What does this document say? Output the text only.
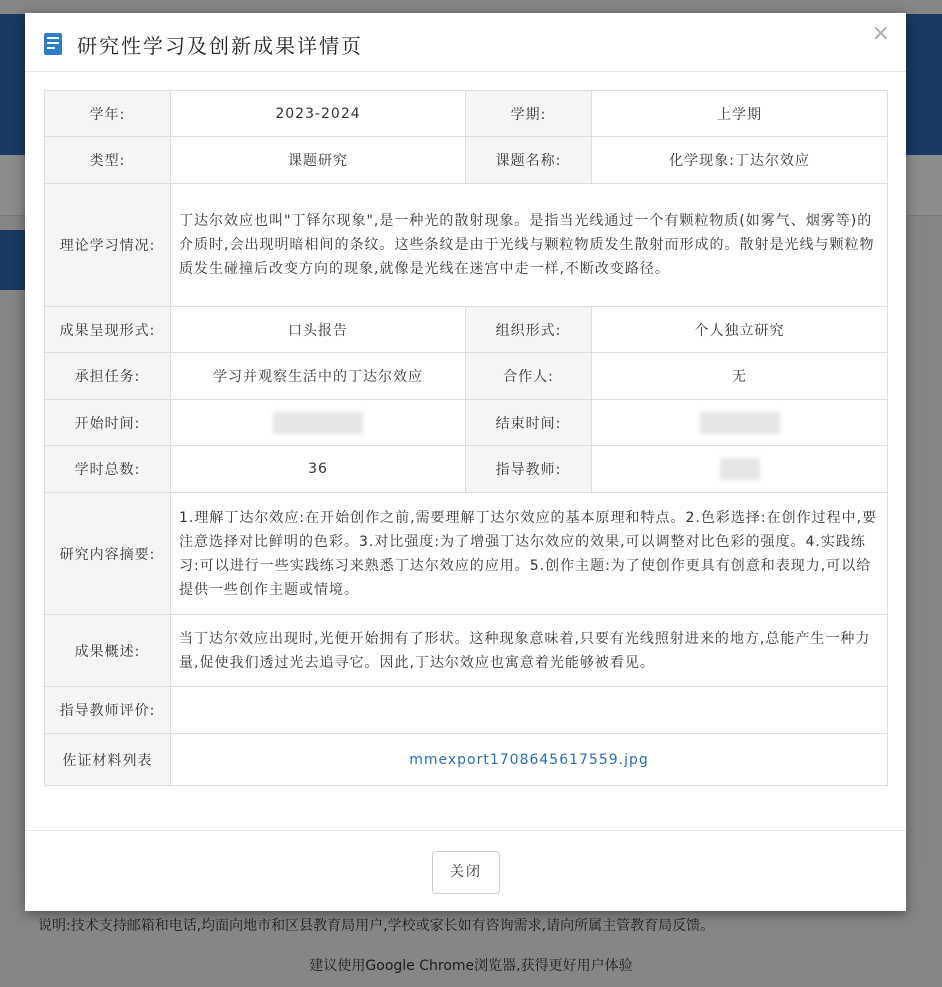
说明:技术支持邮箱和电话,均面向地市和区县教育局用户,学校或家长如有咨询需求,请向所属主管教育局反馈。
建议使用Google Chrome浏览器,获得更好用户体验
研究性学习及创新成果详情页	×
学年:	2023-2024	学期:	上学期
类型:	课题研究	课题名称:	化学现象:丁达尔效应
理论学习情况:	丁达尔效应也叫"丁铎尔现象",是一种光的散射现象。是指当光线通过一个有颗粒物质(如雾气、烟雾等)的介质时,会出现明暗相间的条纹。这些条纹是由于光线与颗粒物质发生散射而形成的。散射是光线与颗粒物质发生碰撞后改变方向的现象,就像是光线在迷宫中走一样,不断改变路径。		
成果呈现形式:	口头报告	组织形式:	个人独立研究
承担任务:	学习并观察生活中的丁达尔效应	合作人:	无
开始时间:		结束时间:	
学时总数:	36	指导教师:	
研究内容摘要:	1.理解丁达尔效应:在开始创作之前,需要理解丁达尔效应的基本原理和特点。2.色彩选择:在创作过程中,要注意选择对比鲜明的色彩。3.对比强度:为了增强丁达尔效应的效果,可以调整对比色彩的强度。4.实践练习:可以进行一些实践练习来熟悉丁达尔效应的应用。5.创作主题:为了使创作更具有创意和表现力,可以给提供一些创作主题或情境。		
成果概述:	当丁达尔效应出现时,光便开始拥有了形状。这种现象意味着,只要有光线照射进来的地方,总能产生一种力量,促使我们透过光去追寻它。因此,丁达尔效应也寓意着光能够被看见。		
指导教师评价:			
佐证材料列表	mmexport1708645617559.jpg		
关闭
